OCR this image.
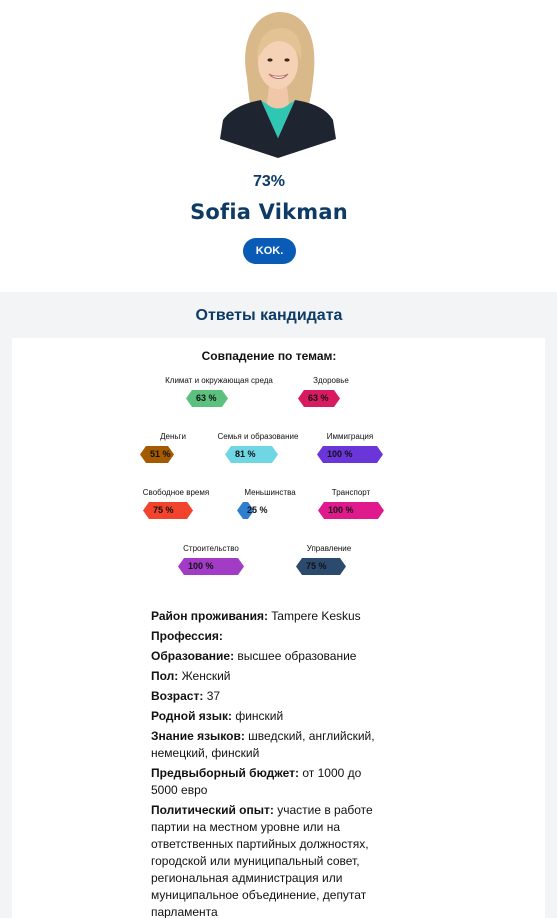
73%
Sofia Vikman
KOK.
Ответы кандидата
Совпадение по темам:
Климат и окружающая среда
63 %
Здоровье
63 %
Деньги
51 %
Семья и образование
81 %
Иммиграция
100 %
Свободное время
75 %
Меньшинства
25 %
Транспорт
100 %
Строительство
100 %
Управление
75 %
Район проживания: Tampere Keskus
Профессия:
Образование: высшее образование
Пол: Женский
Возраст: 37
Родной язык: финский
Знание языков: шведский, английский, немецкий, финский
Предвыборный бюджет: от 1000 до 5000 евро
Политический опыт: участие в работе партии на местном уровне или на ответственных партийных должностях, городской или муниципальный совет, региональная администрация или муниципальное объединение, депутат парламента
